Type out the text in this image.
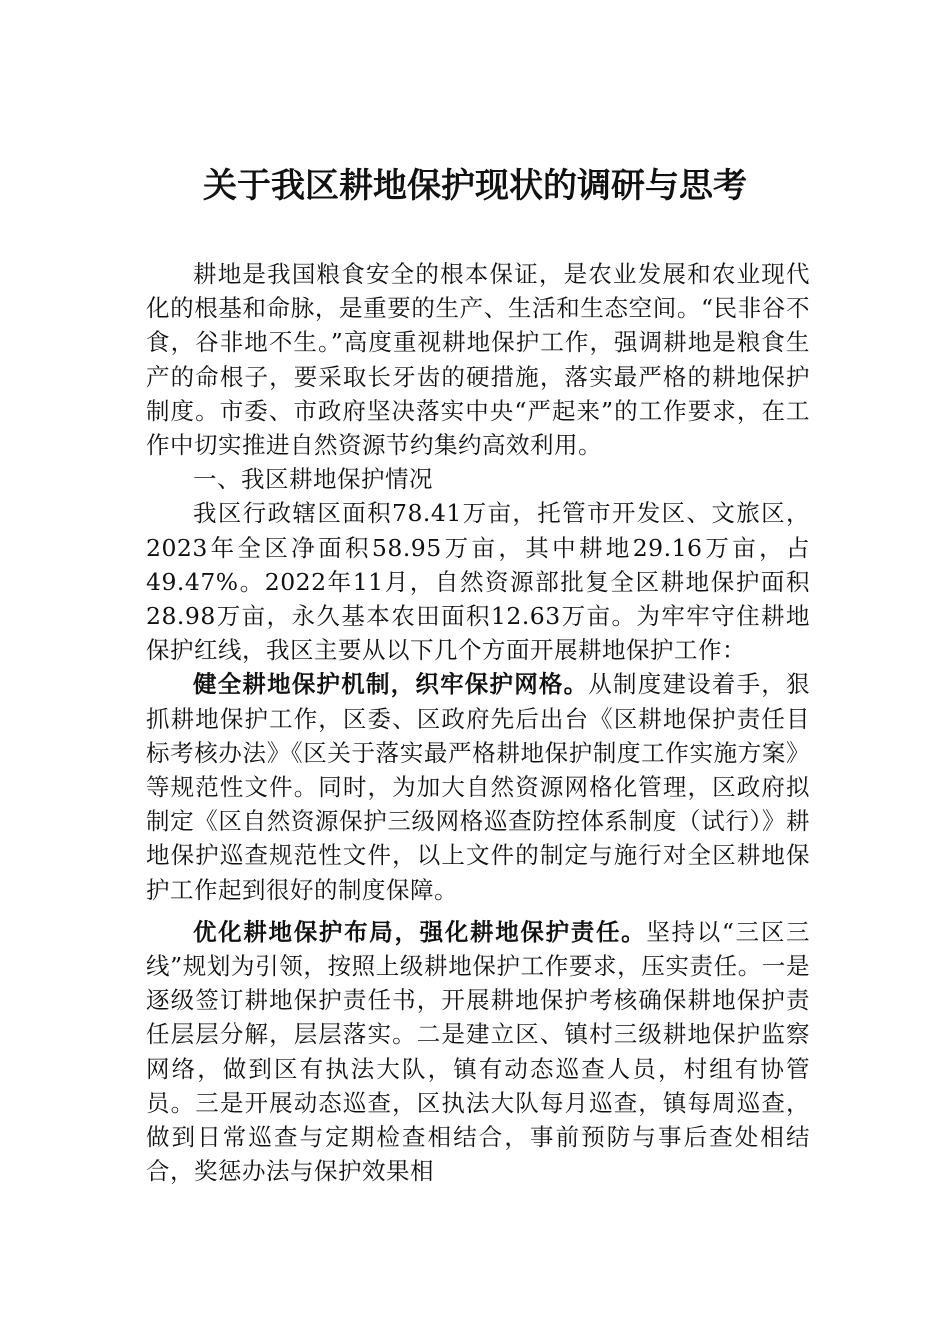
关于我区耕地保护现状的调研与思考

耕地是我国粮食安全的根本保证，是农业发展和农业现代化的根基和命脉，是重要的生产、生活和生态空间。“民非谷不食，谷非地不生。”高度重视耕地保护工作，强调耕地是粮食生产的命根子，要采取长牙齿的硬措施，落实最严格的耕地保护制度。市委、市政府坚决落实中央“严起来”的工作要求，在工作中切实推进自然资源节约集约高效利用。

一、我区耕地保护情况

我区行政辖区面积78.41万亩，托管市开发区、文旅区，2023年全区净面积58.95万亩，其中耕地29.16万亩，占49.47%。2022年11月，自然资源部批复全区耕地保护面积28.98万亩，永久基本农田面积12.63万亩。为牢牢守住耕地保护红线，我区主要从以下几个方面开展耕地保护工作：

健全耕地保护机制，织牢保护网格。从制度建设着手，狠抓耕地保护工作，区委、区政府先后出台《区耕地保护责任目标考核办法》《区关于落实最严格耕地保护制度工作实施方案》等规范性文件。同时，为加大自然资源网格化管理，区政府拟制定《区自然资源保护三级网格巡查防控体系制度（试行）》耕地保护巡查规范性文件，以上文件的制定与施行对全区耕地保护工作起到很好的制度保障。

优化耕地保护布局，强化耕地保护责任。坚持以“三区三线”规划为引领，按照上级耕地保护工作要求，压实责任。一是逐级签订耕地保护责任书，开展耕地保护考核确保耕地保护责任层层分解，层层落实。二是建立区、镇村三级耕地保护监察网络，做到区有执法大队，镇有动态巡查人员，村组有协管员。三是开展动态巡查，区执法大队每月巡查，镇每周巡查，做到日常巡查与定期检查相结合，事前预防与事后查处相结合，奖惩办法与保护效果相
